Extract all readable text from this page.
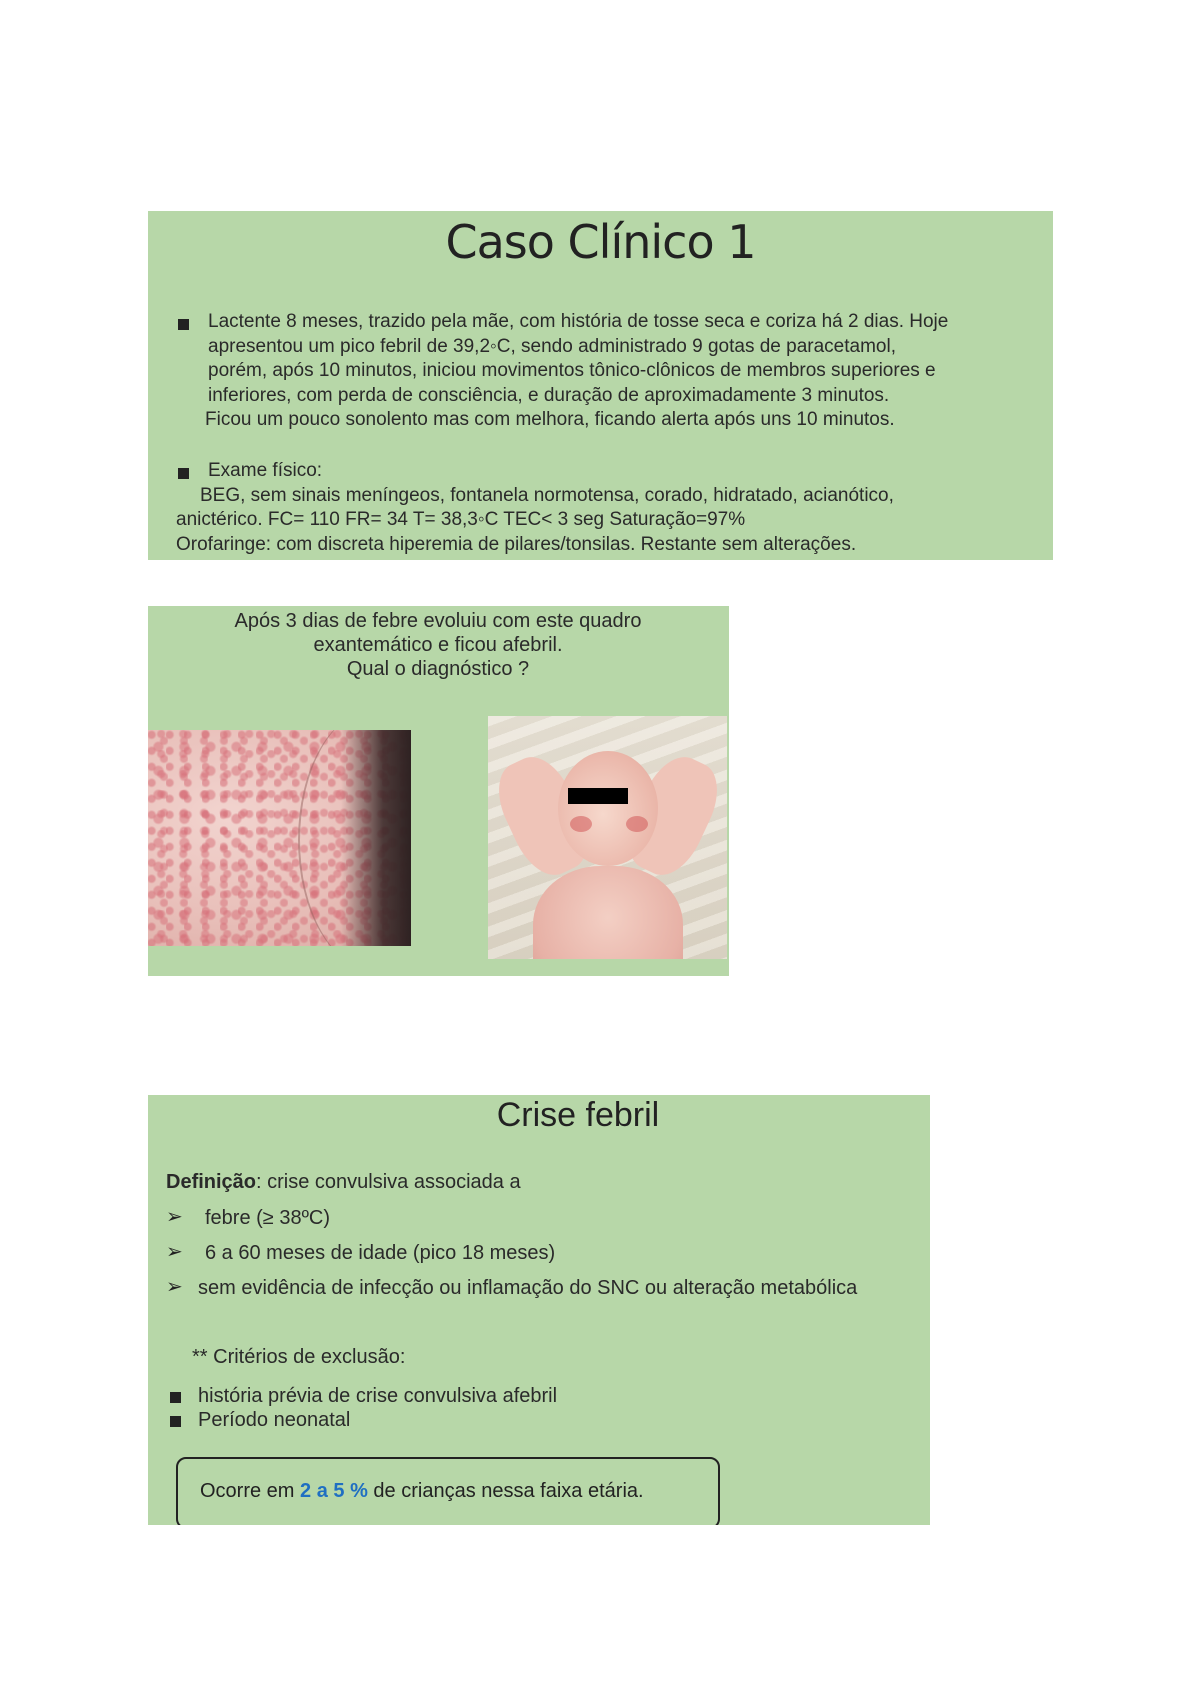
Caso Clínico 1
Lactente 8 meses, trazido pela mãe, com história de tosse seca e coriza há 2 dias. Hoje
apresentou um pico febril de 39,2◦C, sendo administrado 9 gotas de paracetamol,
porém, após 10 minutos, iniciou movimentos tônico-clônicos de membros superiores e
inferiores, com perda de consciência, e duração de aproximadamente 3 minutos.
Ficou um pouco sonolento mas com melhora, ficando alerta após uns 10 minutos.
Exame físico:
BEG, sem sinais meníngeos, fontanela normotensa, corado, hidratado, acianótico,
anictérico. FC= 110 FR= 34 T= 38,3◦C TEC< 3 seg Saturação=97%
Orofaringe: com discreta hiperemia de pilares/tonsilas. Restante sem alterações.
Após 3 dias de febre evoluiu com este quadro
exantemático e ficou afebril.
Qual o diagnóstico ?
Crise febril
Definição: crise convulsiva associada a
➢ febre (≥ 38ºC)
➢ 6 a 60 meses de idade (pico 18 meses)
➢ sem evidência de infecção ou inflamação do SNC ou alteração metabólica
** Critérios de exclusão:
história prévia de crise convulsiva afebril
Período neonatal
Ocorre em 2 a 5 % de crianças nessa faixa etária.
